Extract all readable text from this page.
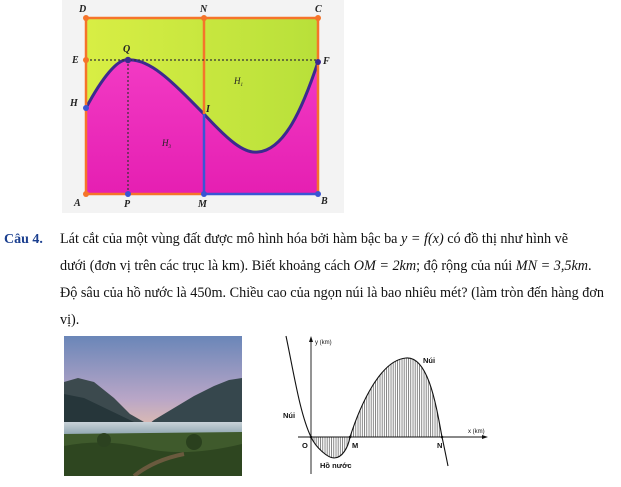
D	N	C
E
Q
F
H
I
A	P	M	B
$H_1$
$H_3$
Câu 4. Lát cắt của một vùng đất được mô hình hóa bởi hàm bậc ba y = f(x) có đồ thị như hình vẽ
dưới (đơn vị trên các trục là km). Biết khoảng cách OM = 2km; độ rộng của núi MN = 3,5km.
Độ sâu của hồ nước là 450m. Chiều cao của ngọn núi là bao nhiêu mét? (làm tròn đến hàng đơn vị).
y (km)
x (km)
Núi
Núi
O	M	N
Hồ nước
